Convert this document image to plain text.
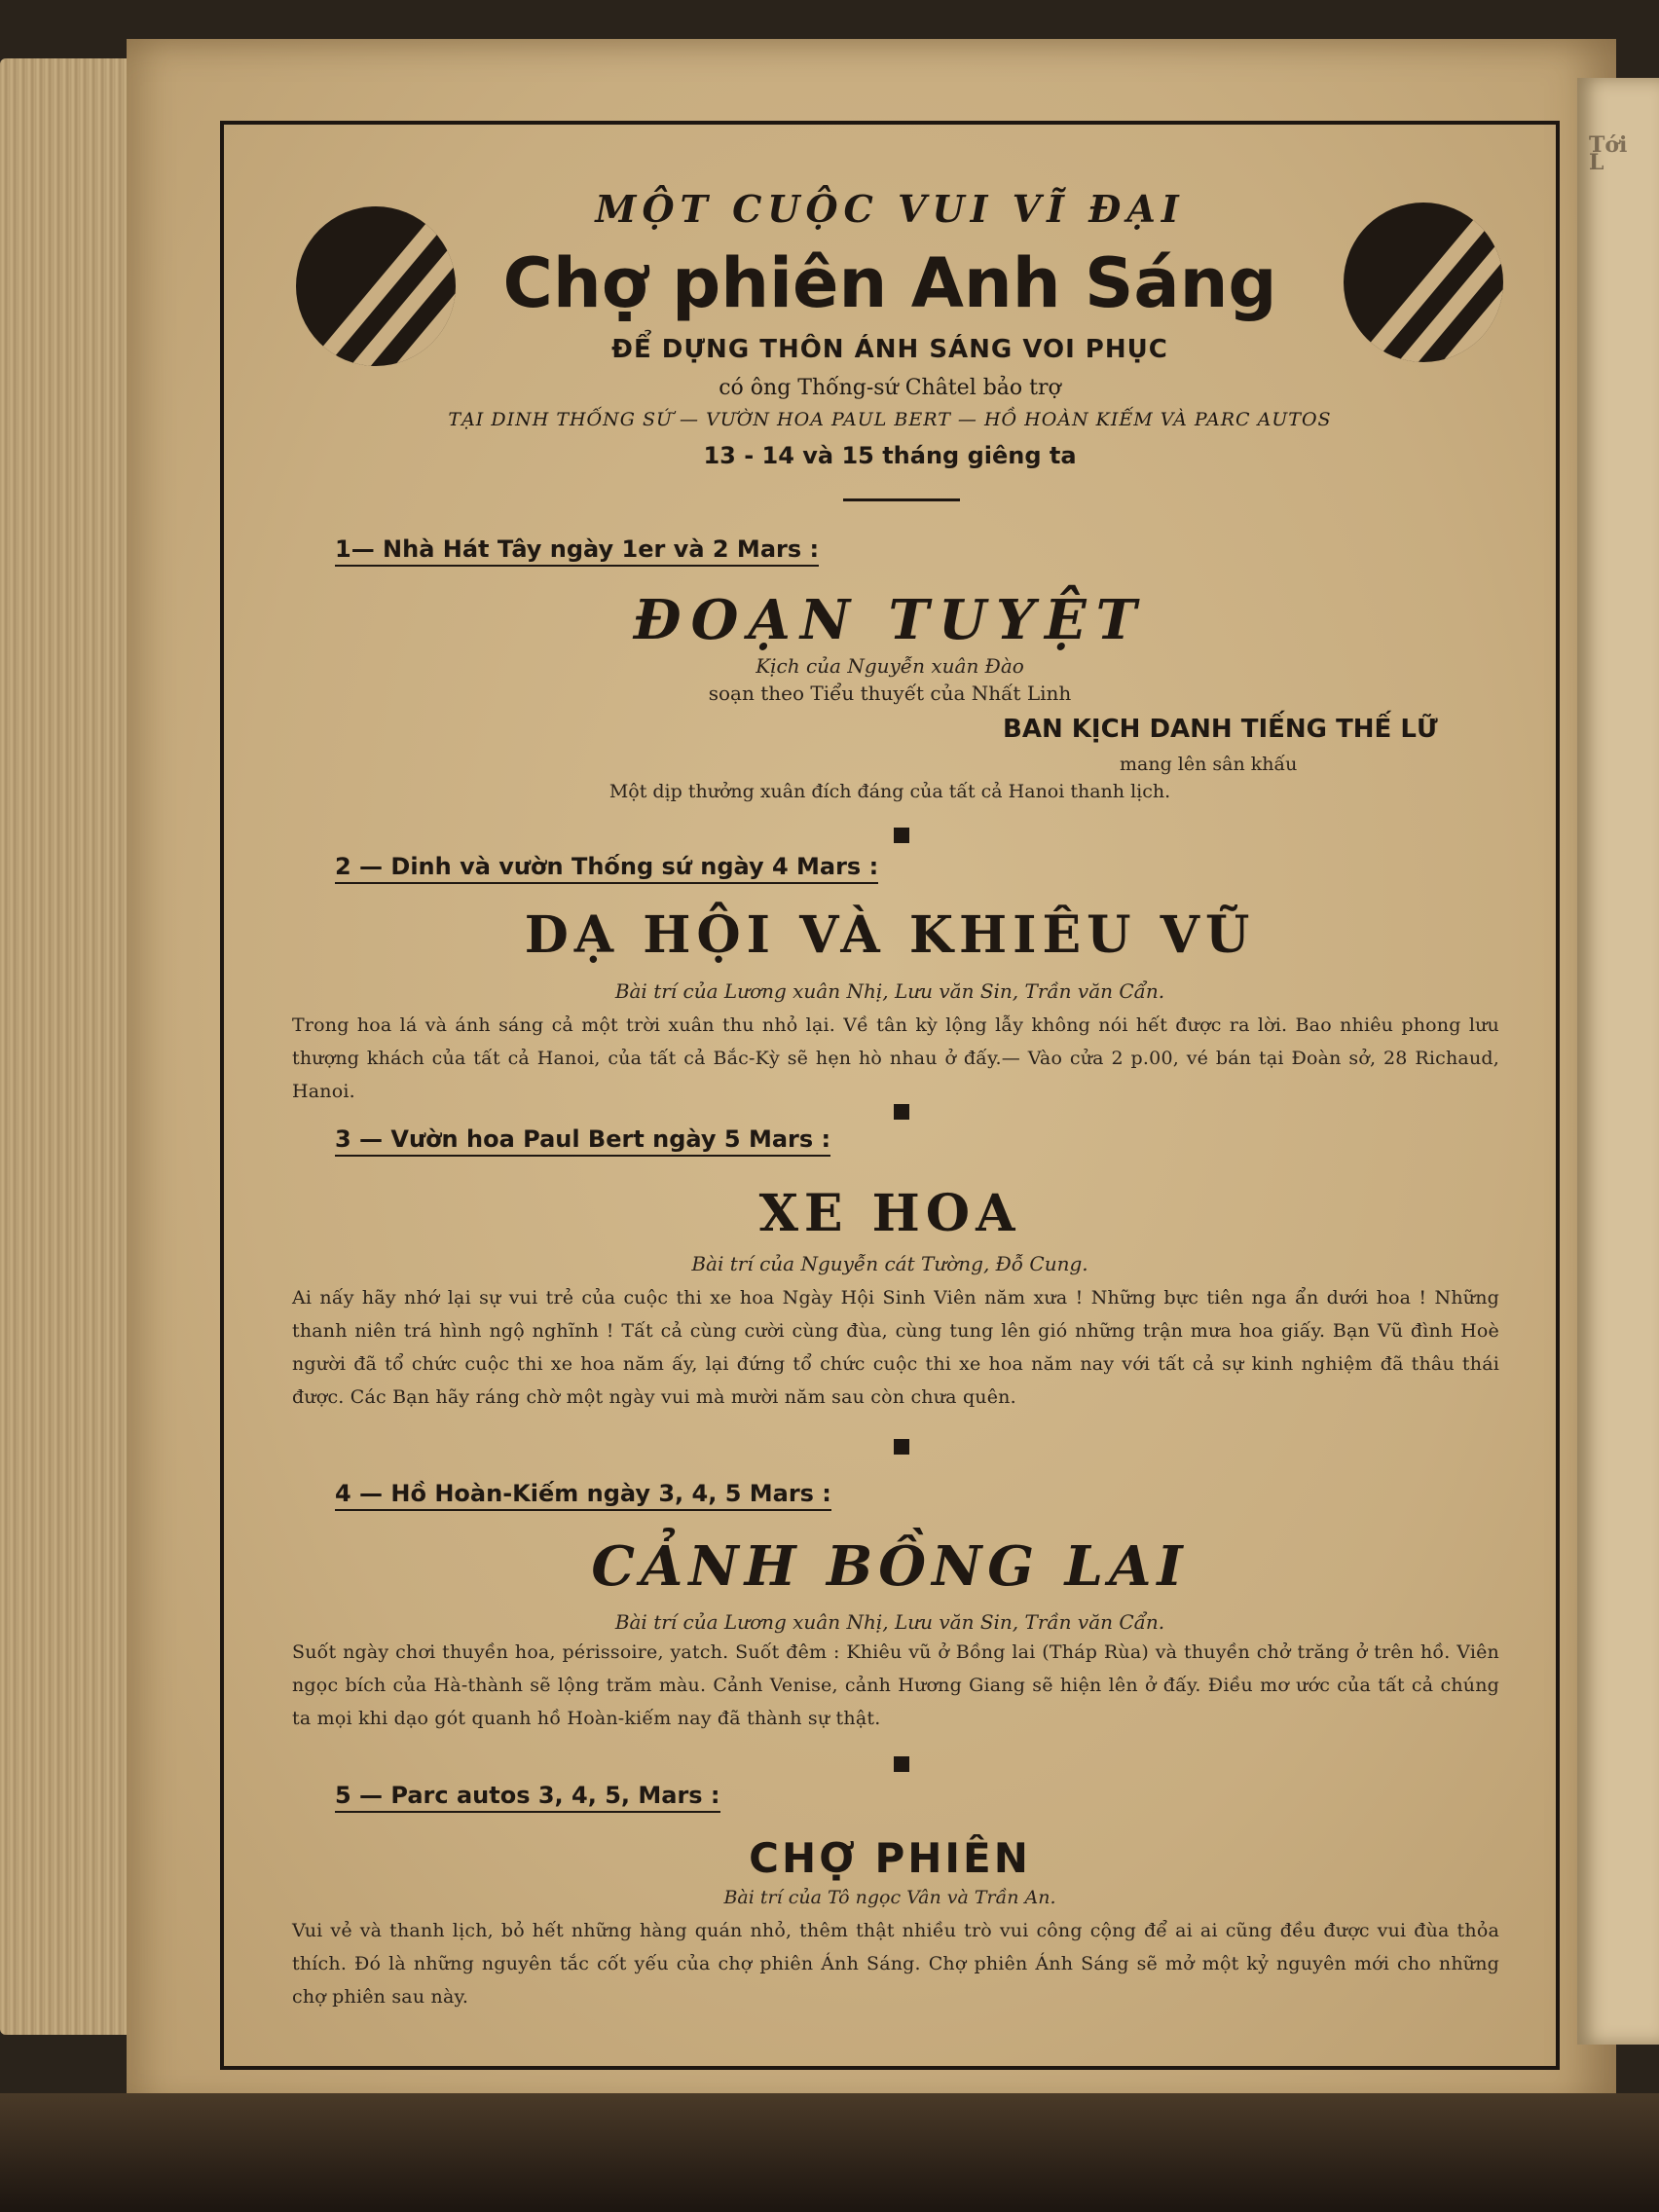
Tới
L
MỘT CUỘC VUI VĨ ĐẠI
Chợ phiên Anh Sáng
ĐỂ DỰNG THÔN ÁNH SÁNG VOI PHỤC
có ông Thống-sứ Châtel bảo trợ
TẠI DINH THỐNG SỨ — VƯỜN HOA PAUL BERT — HỒ HOÀN KIẾM VÀ PARC AUTOS
13 - 14 và 15 tháng giêng ta
1— Nhà Hát Tây ngày 1er và 2 Mars :
ĐOẠN TUYỆT
Kịch của Nguyễn xuân Đào
soạn theo Tiểu thuyết của Nhất Linh
BAN KỊCH DANH TIẾNG THẾ LỮ
mang lên sân khấu
Một dịp thưởng xuân đích đáng của tất cả Hanoi thanh lịch.
2 — Dinh và vườn Thống sứ ngày 4 Mars :
DẠ HỘI VÀ KHIÊU VŨ
Bài trí của Lương xuân Nhị, Lưu văn Sin, Trần văn Cẩn.
Trong hoa lá và ánh sáng cả một trời xuân thu nhỏ lại. Về tân kỳ lộng lẫy không nói hết được ra lời. Bao nhiêu phong lưu thượng khách của tất cả Hanoi, của tất cả Bắc-Kỳ sẽ hẹn hò nhau ở đấy.— Vào cửa 2 p.00, vé bán tại Đoàn sở, 28 Richaud, Hanoi.
3 — Vườn hoa Paul Bert ngày 5 Mars :
XE HOA
Bài trí của Nguyễn cát Tường, Đỗ Cung.
Ai nấy hãy nhớ lại sự vui trẻ của cuộc thi xe hoa Ngày Hội Sinh Viên năm xưa ! Những bực tiên nga ẩn dưới hoa ! Những thanh niên trá hình ngộ nghĩnh ! Tất cả cùng cười cùng đùa, cùng tung lên gió những trận mưa hoa giấy. Bạn Vũ đình Hoè người đã tổ chức cuộc thi xe hoa năm ấy, lại đứng tổ chức cuộc thi xe hoa năm nay với tất cả sự kinh nghiệm đã thâu thái được. Các Bạn hãy ráng chờ một ngày vui mà mười năm sau còn chưa quên.
4 — Hồ Hoàn-Kiếm ngày 3, 4, 5 Mars :
CẢNH BỒNG LAI
Bài trí của Lương xuân Nhị, Lưu văn Sin, Trần văn Cẩn.
Suốt ngày chơi thuyền hoa, périssoire, yatch. Suốt đêm : Khiêu vũ ở Bồng lai (Tháp Rùa) và thuyền chở trăng ở trên hồ. Viên ngọc bích của Hà-thành sẽ lộng trăm màu. Cảnh Venise, cảnh Hương Giang sẽ hiện lên ở đấy. Điều mơ ước của tất cả chúng ta mọi khi dạo gót quanh hồ Hoàn-kiếm nay đã thành sự thật.
5 — Parc autos 3, 4, 5, Mars :
CHỢ PHIÊN
Bài trí của Tô ngọc Vân và Trần An.
Vui vẻ và thanh lịch, bỏ hết những hàng quán nhỏ, thêm thật nhiều trò vui công cộng để ai ai cũng đều được vui đùa thỏa thích. Đó là những nguyên tắc cốt yếu của chợ phiên Ánh Sáng. Chợ phiên Ánh Sáng sẽ mở một kỷ nguyên mới cho những chợ phiên sau này.
